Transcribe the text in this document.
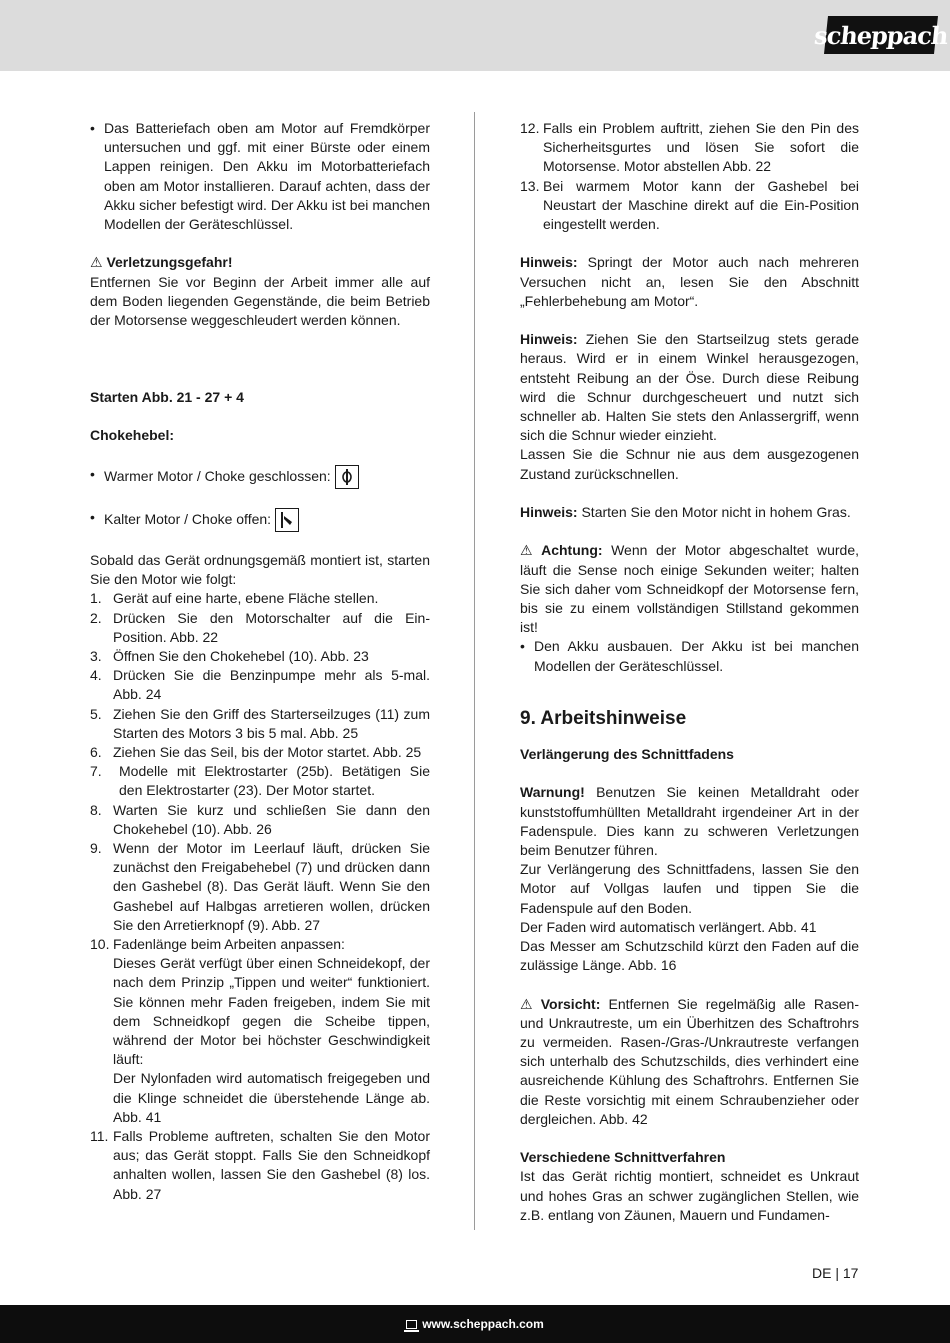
scheppach
• Das Batteriefach oben am Motor auf Fremdkörper untersuchen und ggf. mit einer Bürste oder einem Lappen reinigen. Den Akku im Motorbatteriefach oben am Motor installieren. Darauf achten, dass der Akku sicher befestigt wird. Der Akku ist bei manchen Modellen der Geräteschlüssel.
⚠ Verletzungsgefahr!
Entfernen Sie vor Beginn der Arbeit immer alle auf dem Boden liegenden Gegenstände, die beim Betrieb der Motorsense weggeschleudert werden können.
Starten Abb. 21 - 27 + 4
Chokehebel:
• Warmer Motor / Choke geschlossen:
• Kalter Motor / Choke offen:
Sobald das Gerät ordnungsgemäß montiert ist, starten Sie den Motor wie folgt:
1. Gerät auf eine harte, ebene Fläche stellen.
2. Drücken Sie den Motorschalter auf die Ein-Position. Abb. 22
3. Öffnen Sie den Chokehebel (10). Abb. 23
4. Drücken Sie die Benzinpumpe mehr als 5-mal. Abb. 24
5. Ziehen Sie den Griff des Starterseilzuges (11) zum Starten des Motors 3 bis 5 mal. Abb. 25
6. Ziehen Sie das Seil, bis der Motor startet. Abb. 25
7. Modelle mit Elektrostarter (25b). Betätigen Sie den Elektrostarter (23). Der Motor startet.
8. Warten Sie kurz und schließen Sie dann den Chokehebel (10). Abb. 26
9. Wenn der Motor im Leerlauf läuft, drücken Sie zunächst den Freigabehebel (7) und drücken dann den Gashebel (8). Das Gerät läuft. Wenn Sie den Gashebel auf Halbgas arretieren wollen, drücken Sie den Arretierknopf (9). Abb. 27
10. Fadenlänge beim Arbeiten anpassen:
Dieses Gerät verfügt über einen Schneidekopf, der nach dem Prinzip „Tippen und weiter“ funktioniert. Sie können mehr Faden freigeben, indem Sie mit dem Schneidkopf gegen die Scheibe tippen, während der Motor bei höchster Geschwindigkeit läuft:
Der Nylonfaden wird automatisch freigegeben und die Klinge schneidet die überstehende Länge ab. Abb. 41
11. Falls Probleme auftreten, schalten Sie den Motor aus; das Gerät stoppt. Falls Sie den Schneidkopf anhalten wollen, lassen Sie den Gashebel (8) los. Abb. 27
12. Falls ein Problem auftritt, ziehen Sie den Pin des Sicherheitsgurtes und lösen Sie sofort die Motorsense. Motor abstellen Abb. 22
13. Bei warmem Motor kann der Gashebel bei Neustart der Maschine direkt auf die Ein-Position eingestellt werden.
Hinweis: Springt der Motor auch nach mehreren Versuchen nicht an, lesen Sie den Abschnitt „Fehlerbehebung am Motor“.
Hinweis: Ziehen Sie den Startseilzug stets gerade heraus. Wird er in einem Winkel herausgezogen, entsteht Reibung an der Öse. Durch diese Reibung wird die Schnur durchgescheuert und nutzt sich schneller ab. Halten Sie stets den Anlassergriff, wenn sich die Schnur wieder einzieht.
Lassen Sie die Schnur nie aus dem ausgezogenen Zustand zurückschnellen.
Hinweis: Starten Sie den Motor nicht in hohem Gras.
⚠ Achtung: Wenn der Motor abgeschaltet wurde, läuft die Sense noch einige Sekunden weiter; halten Sie sich daher vom Schneidkopf der Motorsense fern, bis sie zu einem vollständigen Stillstand gekommen ist!
• Den Akku ausbauen. Der Akku ist bei manchen Modellen der Geräteschlüssel.
9. Arbeitshinweise
Verlängerung des Schnittfadens
Warnung! Benutzen Sie keinen Metalldraht oder kunststoffumhüllten Metalldraht irgendeiner Art in der Fadenspule. Dies kann zu schweren Verletzungen beim Benutzer führen.
Zur Verlängerung des Schnittfadens, lassen Sie den Motor auf Vollgas laufen und tippen Sie die Fadenspule auf den Boden.
Der Faden wird automatisch verlängert. Abb. 41
Das Messer am Schutzschild kürzt den Faden auf die zulässige Länge. Abb. 16
⚠ Vorsicht: Entfernen Sie regelmäßig alle Rasen- und Unkrautreste, um ein Überhitzen des Schaftrohrs zu vermeiden. Rasen-/Gras-/Unkrautreste verfangen sich unterhalb des Schutzschilds, dies verhindert eine ausreichende Kühlung des Schaftrohrs. Entfernen Sie die Reste vorsichtig mit einem Schraubenzieher oder dergleichen. Abb. 42
Verschiedene Schnittverfahren
Ist das Gerät richtig montiert, schneidet es Unkraut und hohes Gras an schwer zugänglichen Stellen, wie z.B. entlang von Zäunen, Mauern und Fundamen-
DE | 17
www.scheppach.com
